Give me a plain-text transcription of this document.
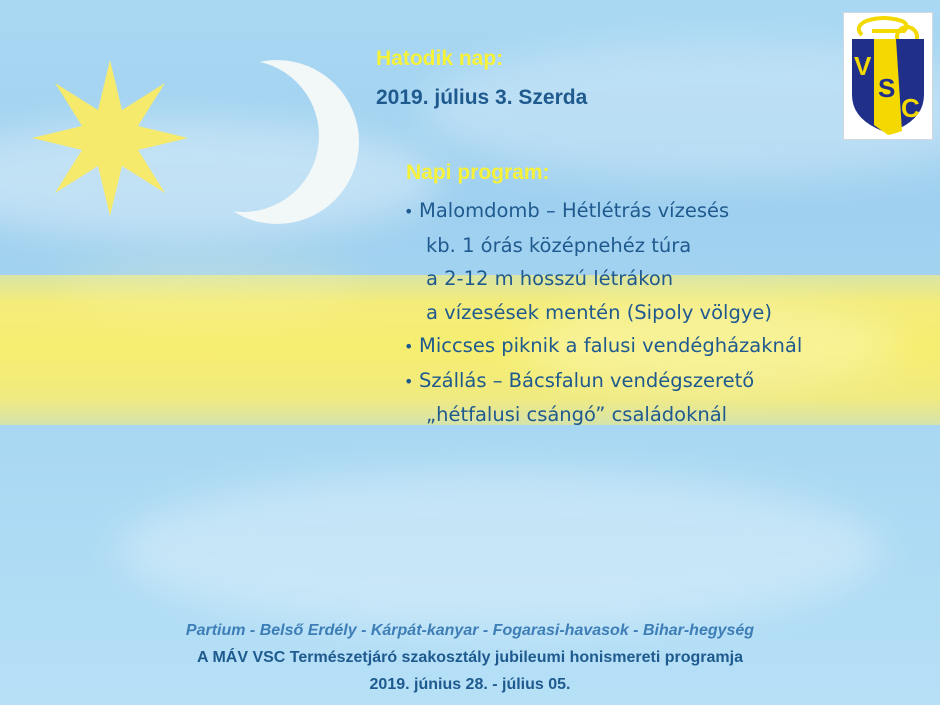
V
S
C
Hatodik nap:
2019. július 3. Szerda
Napi program:
• Malomdomb – Hétlétrás vízesés
kb. 1 órás középnehéz túra
a 2-12 m hosszú létrákon
a vízesések mentén (Sipoly völgye)
• Miccses piknik a falusi vendégházaknál
• Szállás – Bácsfalun vendégszerető
„hétfalusi csángó” családoknál
Partium - Belső Erdély - Kárpát-kanyar - Fogarasi-havasok - Bihar-hegység
A MÁV VSC Természetjáró szakosztály jubileumi honismereti programja
2019. június 28. - július 05.
